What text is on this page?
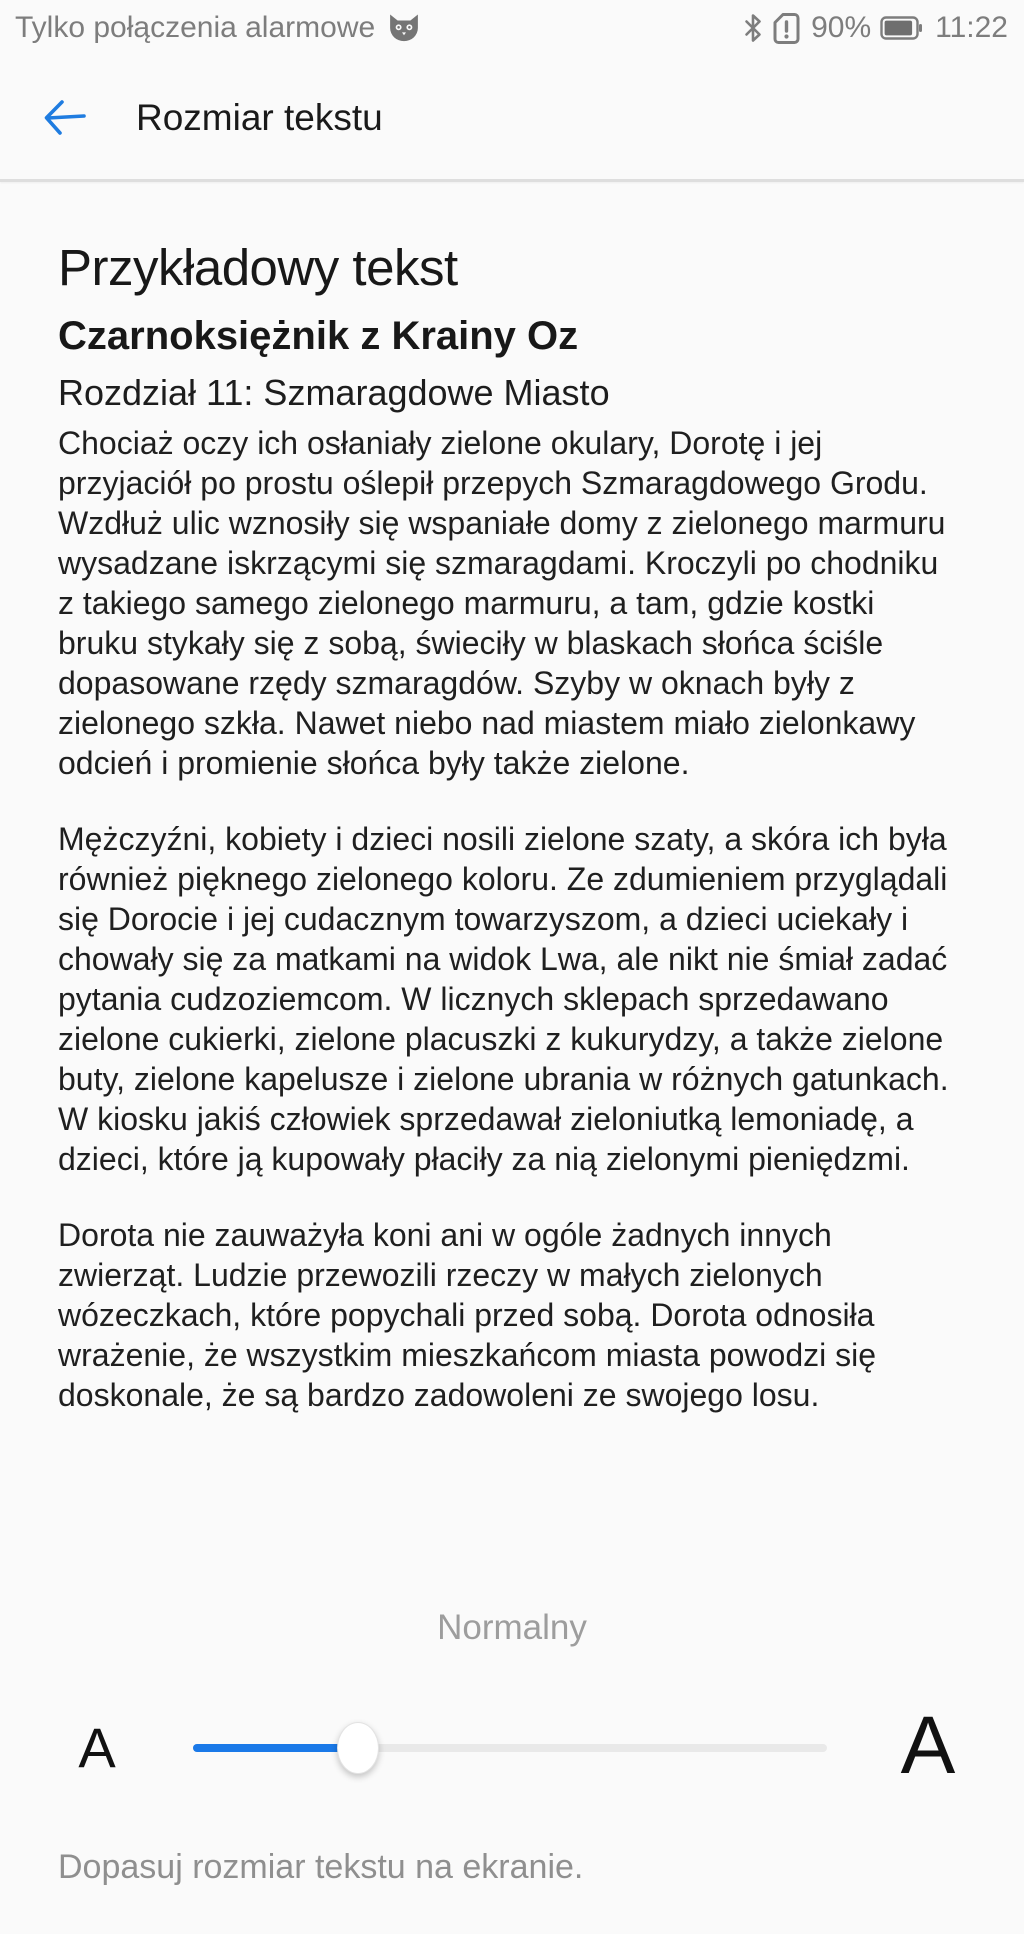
Tylko połączenia alarmowe	90% 11:22
Rozmiar tekstu
Przykładowy tekst
Czarnoksiężnik z Krainy Oz
Rozdział 11: Szmaragdowe Miasto

Chociaż oczy ich osłaniały zielone okulary, Dorotę i jej przyjaciół po prostu oślepił przepych Szmaragdowego Grodu. Wzdłuż ulic wznosiły się wspaniałe domy z zielonego marmuru wysadzane iskrzącymi się szmaragdami. Kroczyli po chodniku z takiego samego zielonego marmuru, a tam, gdzie kostki bruku stykały się z sobą, świeciły w blaskach słońca ściśle dopasowane rzędy szmaragdów. Szyby w oknach były z zielonego szkła. Nawet niebo nad miastem miało zielonkawy odcień i promienie słońca były także zielone.

Mężczyźni, kobiety i dzieci nosili zielone szaty, a skóra ich była również pięknego zielonego koloru. Ze zdumieniem przyglądali się Dorocie i jej cudacznym towarzyszom, a dzieci uciekały i chowały się za matkami na widok Lwa, ale nikt nie śmiał zadać pytania cudzoziemcom. W licznych sklepach sprzedawano zielone cukierki, zielone placuszki z kukurydzy, a także zielone buty, zielone kapelusze i zielone ubrania w różnych gatunkach. W kiosku jakiś człowiek sprzedawał zieloniutką lemoniadę, a dzieci, które ją kupowały płaciły za nią zielonymi pieniędzmi.

Dorota nie zauważyła koni ani w ogóle żadnych innych zwierząt. Ludzie przewozili rzeczy w małych zielonych wózeczkach, które popychali przed sobą. Dorota odnosiła wrażenie, że wszystkim mieszkańcom miasta powodzi się doskonale, że są bardzo zadowoleni ze swojego losu.

Normalny
A	A
Dopasuj rozmiar tekstu na ekranie.
